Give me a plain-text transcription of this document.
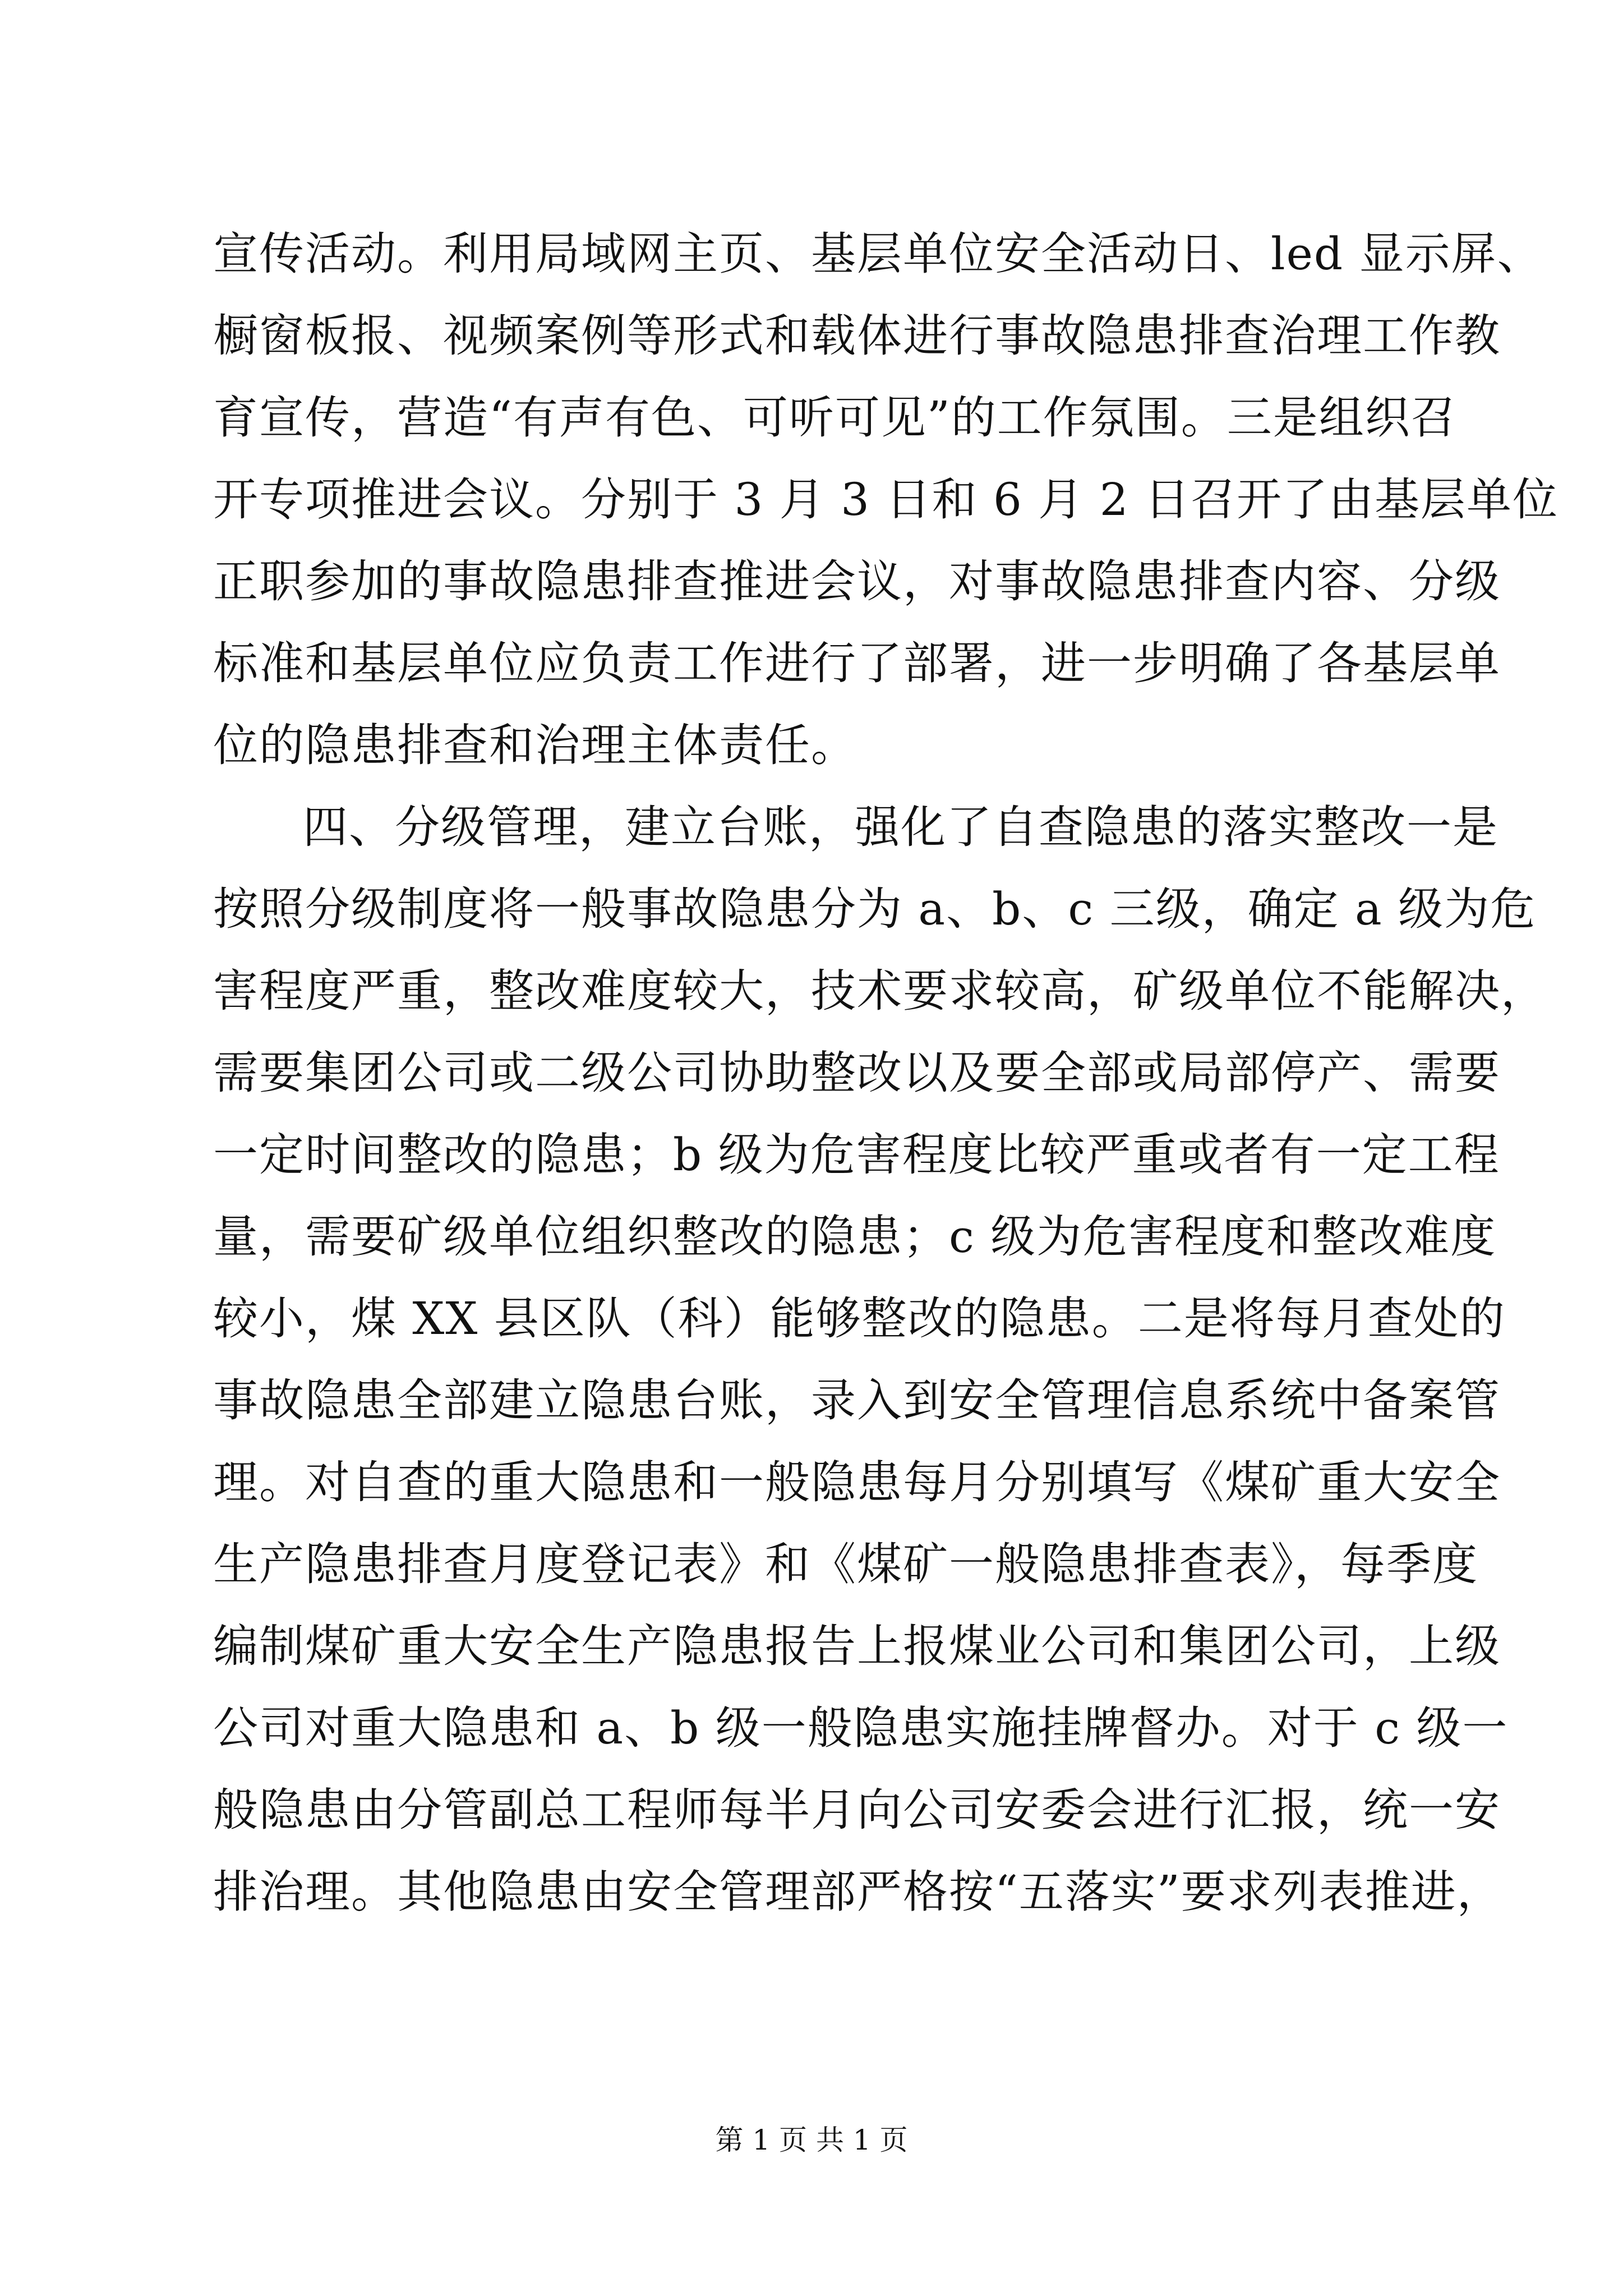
宣传活动。利用局域网主页、基层单位安全活动日、led 显示屏、
橱窗板报、视频案例等形式和载体进行事故隐患排查治理工作教
育宣传，营造“有声有色、可听可见”的工作氛围。三是组织召
开专项推进会议。分别于 3 月 3 日和 6 月 2 日召开了由基层单位
正职参加的事故隐患排查推进会议，对事故隐患排查内容、分级
标准和基层单位应负责工作进行了部署，进一步明确了各基层单
位的隐患排查和治理主体责任。
四、分级管理，建立台账，强化了自查隐患的落实整改一是
按照分级制度将一般事故隐患分为 a、b、c 三级，确定 a 级为危
害程度严重，整改难度较大，技术要求较高，矿级单位不能解决，
需要集团公司或二级公司协助整改以及要全部或局部停产、需要
一定时间整改的隐患；b 级为危害程度比较严重或者有一定工程
量，需要矿级单位组织整改的隐患；c 级为危害程度和整改难度
较小，煤 XX 县区队（科）能够整改的隐患。二是将每月查处的
事故隐患全部建立隐患台账，录入到安全管理信息系统中备案管
理。对自查的重大隐患和一般隐患每月分别填写《煤矿重大安全
生产隐患排查月度登记表》和《煤矿一般隐患排查表》，每季度
编制煤矿重大安全生产隐患报告上报煤业公司和集团公司，上级
公司对重大隐患和 a、b 级一般隐患实施挂牌督办。对于 c 级一
般隐患由分管副总工程师每半月向公司安委会进行汇报，统一安
排治理。其他隐患由安全管理部严格按“五落实”要求列表推进，
第 1 页 共 1 页
